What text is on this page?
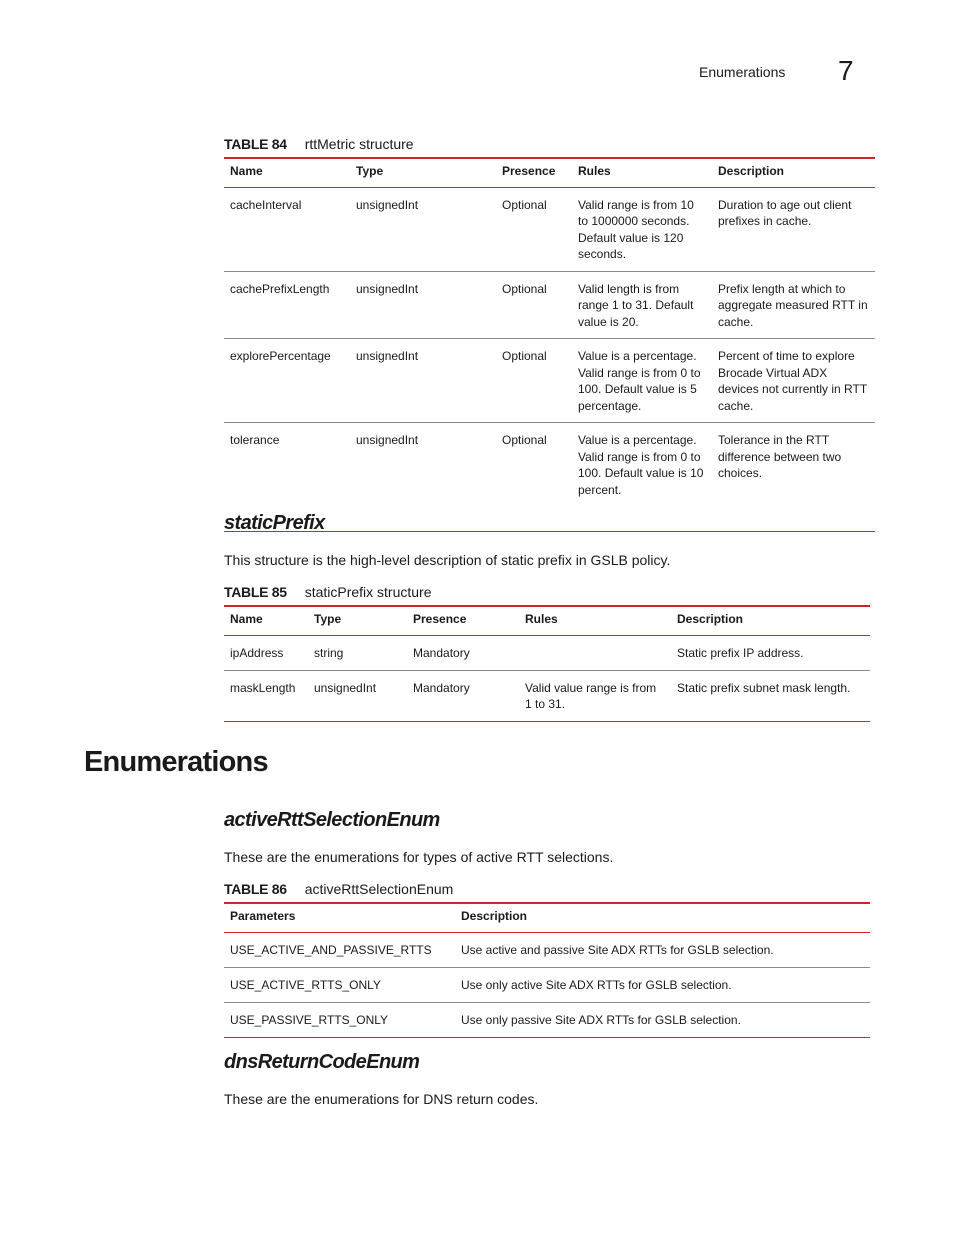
Enumerations 7
TABLE 84 rttMetric structure
Name	Type	Presence	Rules	Description
cacheInterval	unsignedInt	Optional	Valid range is from 10 to 1000000 seconds. Default value is 120 seconds.	Duration to age out client prefixes in cache.
cachePrefixLength	unsignedInt	Optional	Valid length is from range 1 to 31. Default value is 20.	Prefix length at which to aggregate measured RTT in cache.
explorePercentage	unsignedInt	Optional	Value is a percentage. Valid range is from 0 to 100. Default value is 5 percentage.	Percent of time to explore Brocade Virtual ADX devices not currently in RTT cache.
tolerance	unsignedInt	Optional	Value is a percentage. Valid range is from 0 to 100. Default value is 10 percent.	Tolerance in the RTT difference between two choices.
staticPrefix
This structure is the high-level description of static prefix in GSLB policy.
TABLE 85 staticPrefix structure
Name	Type	Presence	Rules	Description
ipAddress	string	Mandatory		Static prefix IP address.
maskLength	unsignedInt	Mandatory	Valid value range is from 1 to 31.	Static prefix subnet mask length.
Enumerations
activeRttSelectionEnum
These are the enumerations for types of active RTT selections.
TABLE 86 activeRttSelectionEnum
Parameters	Description
USE_ACTIVE_AND_PASSIVE_RTTS	Use active and passive Site ADX RTTs for GSLB selection.
USE_ACTIVE_RTTS_ONLY	Use only active Site ADX RTTs for GSLB selection.
USE_PASSIVE_RTTS_ONLY	Use only passive Site ADX RTTs for GSLB selection.
dnsReturnCodeEnum
These are the enumerations for DNS return codes.
